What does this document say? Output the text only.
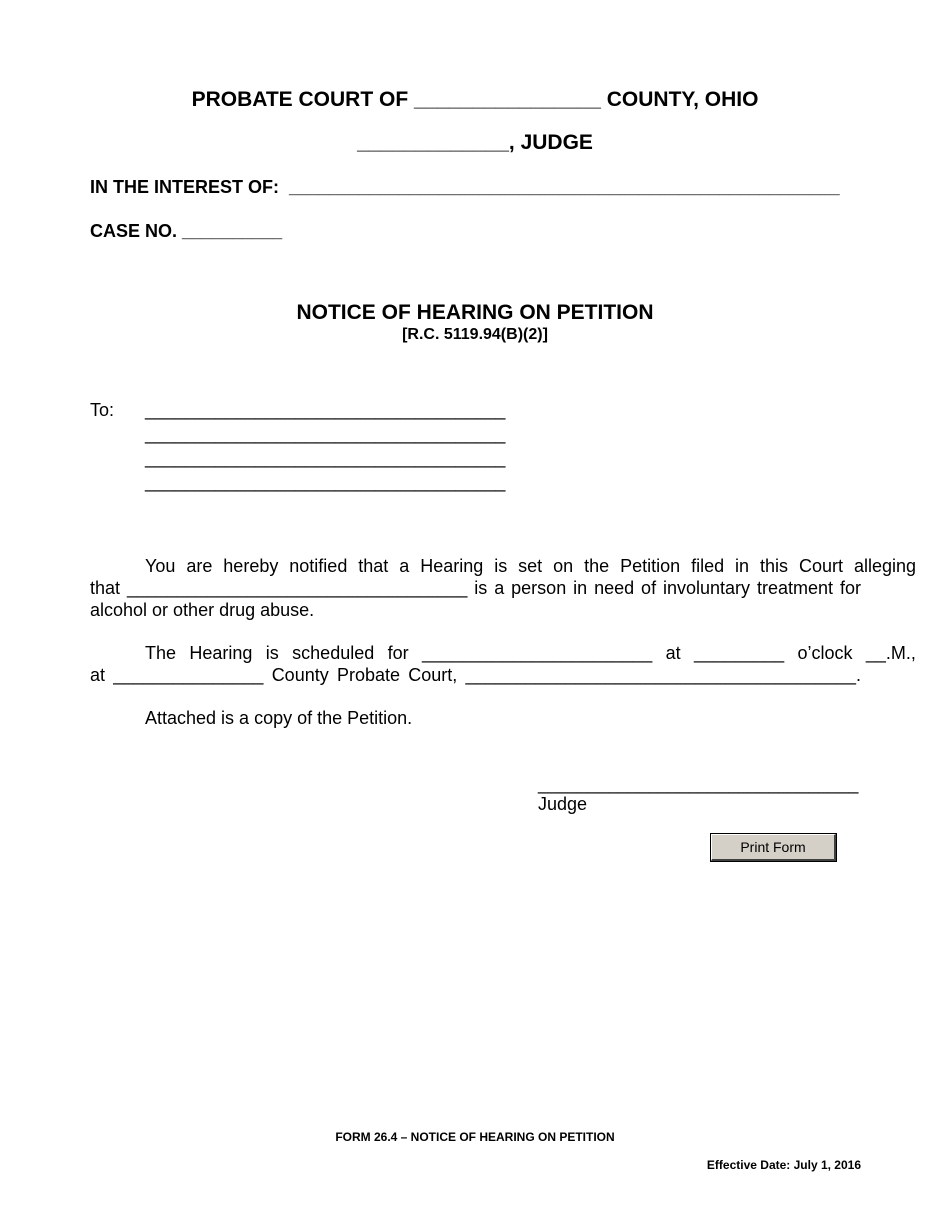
PROBATE COURT OF ________________ COUNTY, OHIO
_____________, JUDGE
IN THE INTEREST OF: _______________________________________________________
CASE NO. __________
NOTICE OF HEARING ON PETITION
[R.C. 5119.94(B)(2)]
To: ____________________________________
____________________________________
____________________________________
____________________________________
You are hereby notified that a Hearing is set on the Petition filed in this Court alleging
that __________________________________ is a person in need of involuntary treatment for
alcohol or other drug abuse.
The Hearing is scheduled for _______________________ at _________ o’clock __.M.,
at _______________ County Probate Court, _______________________________________.
Attached is a copy of the Petition.
________________________________
Judge
Print Form
FORM 26.4 – NOTICE OF HEARING ON PETITION
Effective Date: July 1, 2016
